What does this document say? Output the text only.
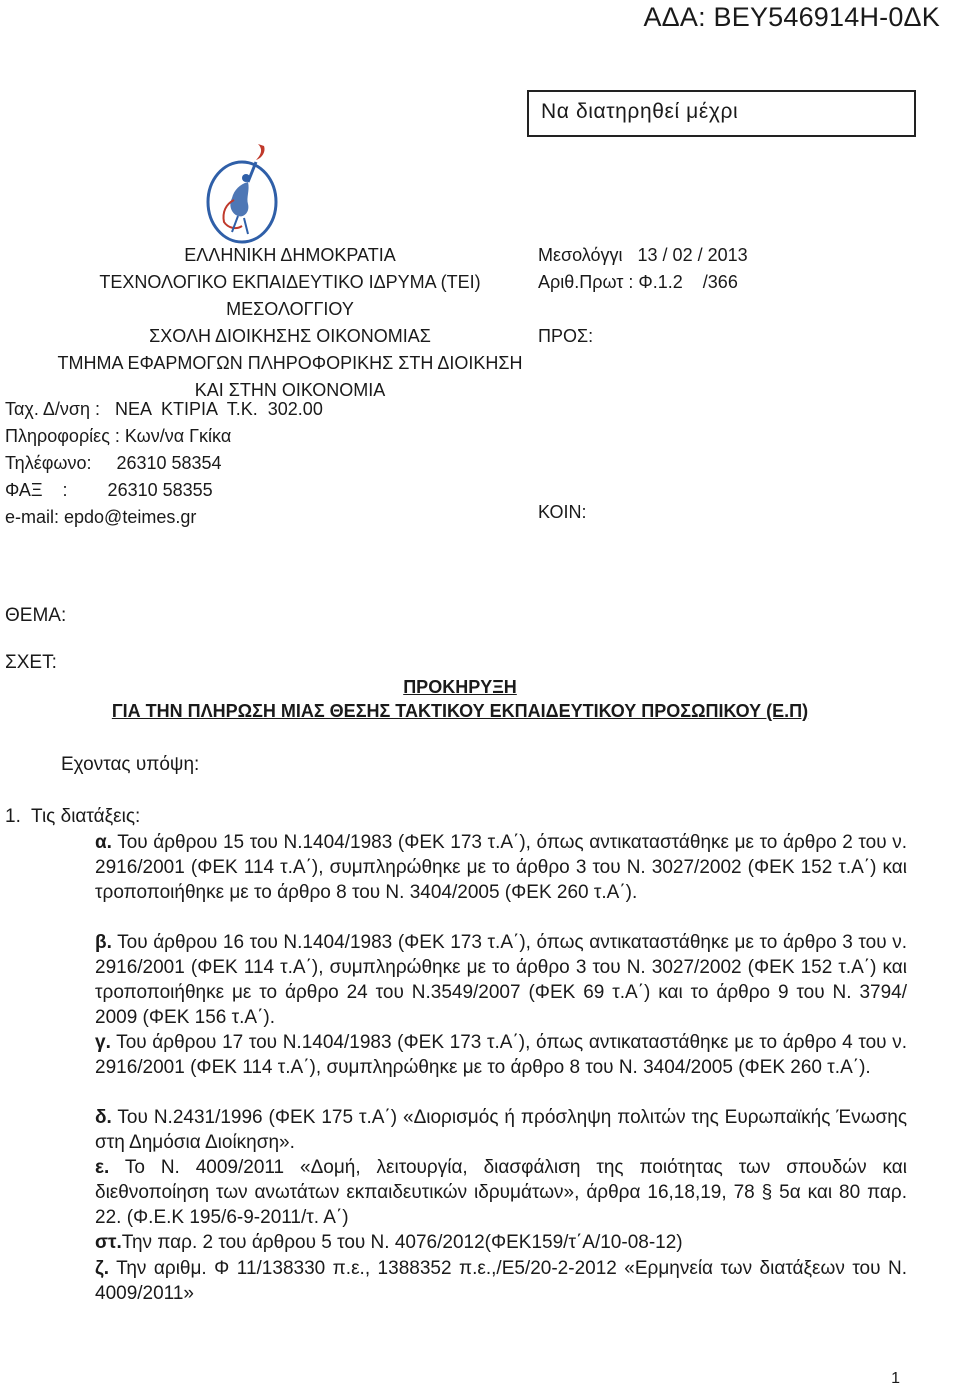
ΑΔΑ: ΒΕΥ546914Η-0ΔΚ
Να διατηρηθεί μέχρι
ΕΛΛΗΝΙΚΗ ΔΗΜΟΚΡΑΤΙΑ
ΤΕΧΝΟΛΟΓΙΚΟ ΕΚΠΑΙΔΕΥΤΙΚΟ ΙΔΡΥΜΑ (ΤΕΙ)
ΜΕΣΟΛΟΓΓΙΟΥ
ΣΧΟΛΗ ΔΙΟΙΚΗΣΗΣ ΟΙΚΟΝΟΜΙΑΣ
ΤΜΗΜΑ ΕΦΑΡΜΟΓΩΝ ΠΛΗΡΟΦΟΡΙΚΗΣ ΣΤΗ ΔΙΟΙΚΗΣΗ
ΚΑΙ ΣΤΗΝ ΟΙΚΟΝΟΜΙΑ
Ταχ. Δ/νση :   ΝΕΑ  ΚΤΙΡΙΑ  Τ.Κ.  302.00
Πληροφορίες : Κων/να Γκίκα
Τηλέφωνο:     26310 58354
ΦΑΞ    :        26310 58355
e-mail: epdo@teimes.gr
Μεσολόγγι   13 / 02 / 2013
Αριθ.Πρωτ : Φ.1.2    /366
ΠΡΟΣ:
ΚΟΙΝ:
ΘΕΜΑ:
ΣΧΕΤ:
ΠΡΟΚΗΡΥΞΗ
ΓΙΑ ΤΗΝ ΠΛΗΡΩΣΗ ΜΙΑΣ ΘΕΣΗΣ ΤΑΚΤΙΚΟΥ ΕΚΠΑΙΔΕΥΤΙΚΟΥ ΠΡΟΣΩΠΙΚΟΥ (Ε.Π)
Εχοντας υπόψη:
1.  Τις διατάξεις:
α. Του άρθρου 15 του Ν.1404/1983 (ΦΕΚ 173 τ.Α΄), όπως αντικαταστάθηκε με το άρθρο 2 του ν. 2916/2001 (ΦΕΚ 114 τ.Α΄), συμπληρώθηκε με το άρθρο 3 του Ν. 3027/2002 (ΦΕΚ 152 τ.Α΄) και τροποποιήθηκε με το άρθρο 8 του Ν. 3404/2005 (ΦΕΚ 260 τ.Α΄).
β. Του άρθρου 16 του Ν.1404/1983 (ΦΕΚ 173 τ.Α΄), όπως αντικαταστάθηκε με το άρθρο 3 του ν. 2916/2001 (ΦΕΚ 114 τ.Α΄), συμπληρώθηκε με το άρθρο 3 του Ν. 3027/2002 (ΦΕΚ 152 τ.Α΄) και τροποποιήθηκε με το άρθρο 24 του Ν.3549/2007 (ΦΕΚ 69 τ.Α΄) και το άρθρο 9 του Ν. 3794/ 2009 (ΦΕΚ 156 τ.Α΄).
γ. Του άρθρου 17 του Ν.1404/1983 (ΦΕΚ 173 τ.Α΄), όπως αντικαταστάθηκε με το άρθρο 4 του ν. 2916/2001 (ΦΕΚ 114 τ.Α΄), συμπληρώθηκε με το άρθρο 8 του Ν. 3404/2005 (ΦΕΚ 260 τ.Α΄).
δ. Του Ν.2431/1996 (ΦΕΚ 175 τ.Α΄) «Διορισμός ή πρόσληψη πολιτών της Ευρωπαϊκής Ένωσης στη Δημόσια Διοίκηση».
ε. Το Ν. 4009/2011 «Δομή, λειτουργία, διασφάλιση της ποιότητας των σπουδών και διεθνοποίηση των ανωτάτων εκπαιδευτικών ιδρυμάτων», άρθρα 16,18,19, 78 § 5α και 80 παρ. 22. (Φ.Ε.Κ 195/6-9-2011/τ. Α΄)
στ.Την παρ. 2 του άρθρου 5 του Ν. 4076/2012(ΦΕΚ159/τ΄Α/10-08-12)
ζ. Την αριθμ. Φ 11/138330 π.ε., 1388352 π.ε.,/Ε5/20-2-2012 «Ερμηνεία των διατάξεων του Ν. 4009/2011»
1
